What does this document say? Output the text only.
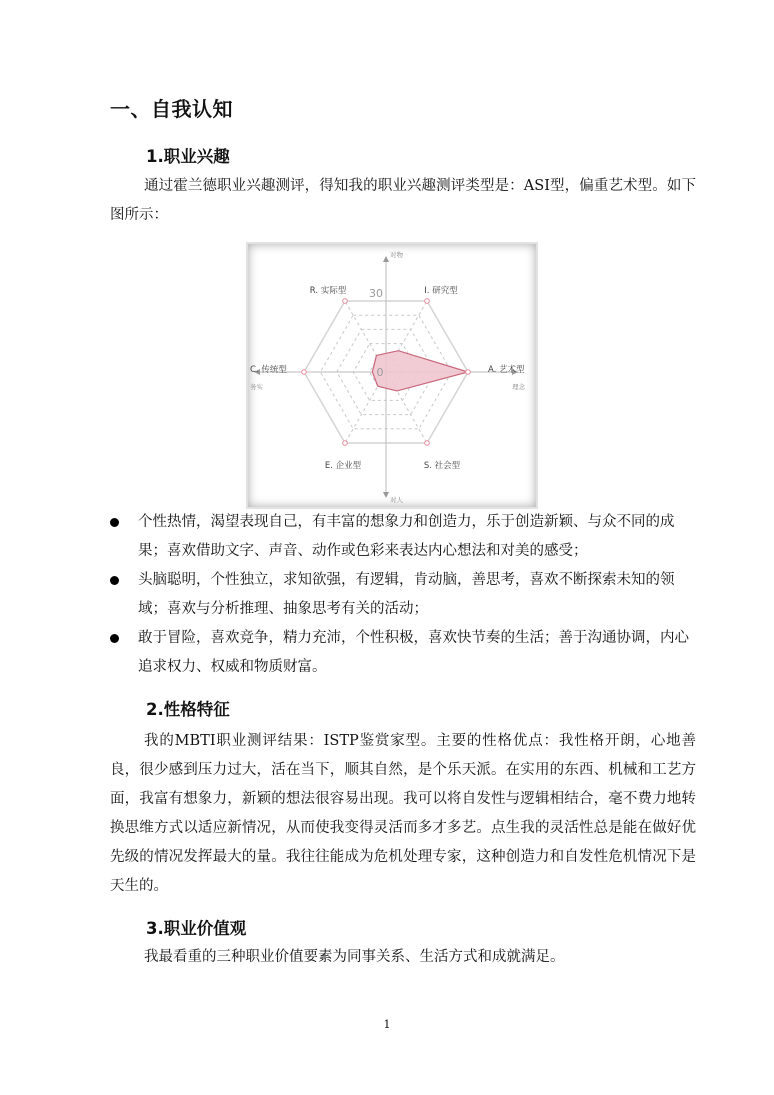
一、自我认知
1.职业兴趣

通过霍兰德职业兴趣测评，得知我的职业兴趣测评类型是：ASI型，偏重艺术型。如下图所示：

R. 实际型	I. 研究型
A. 艺术型
S. 社会型
E. 企业型
C. 传统型
30
0
对物
对人
务实	理念
个性热情，渴望表现自己，有丰富的想象力和创造力，乐于创造新颖、与众不同的成果；喜欢借助文字、声音、动作或色彩来表达内心想法和对美的感受；
头脑聪明，个性独立，求知欲强，有逻辑，肯动脑，善思考，喜欢不断探索未知的领域；喜欢与分析推理、抽象思考有关的活动；
敢于冒险，喜欢竞争，精力充沛，个性积极，喜欢快节奏的生活；善于沟通协调，内心追求权力、权威和物质财富。
2.性格特征

我的MBTI职业测评结果：ISTP鉴赏家型。主要的性格优点：我性格开朗，心地善良，很少感到压力过大，活在当下，顺其自然，是个乐天派。在实用的东西、机械和工艺方面，我富有想象力，新颖的想法很容易出现。我可以将自发性与逻辑相结合，毫不费力地转换思维方式以适应新情况，从而使我变得灵活而多才多艺。点生我的灵活性总是能在做好优先级的情况发挥最大的量。我往往能成为危机处理专家，这种创造力和自发性危机情况下是天生的。

3.职业价值观

我最看重的三种职业价值要素为同事关系、生活方式和成就满足。

1
